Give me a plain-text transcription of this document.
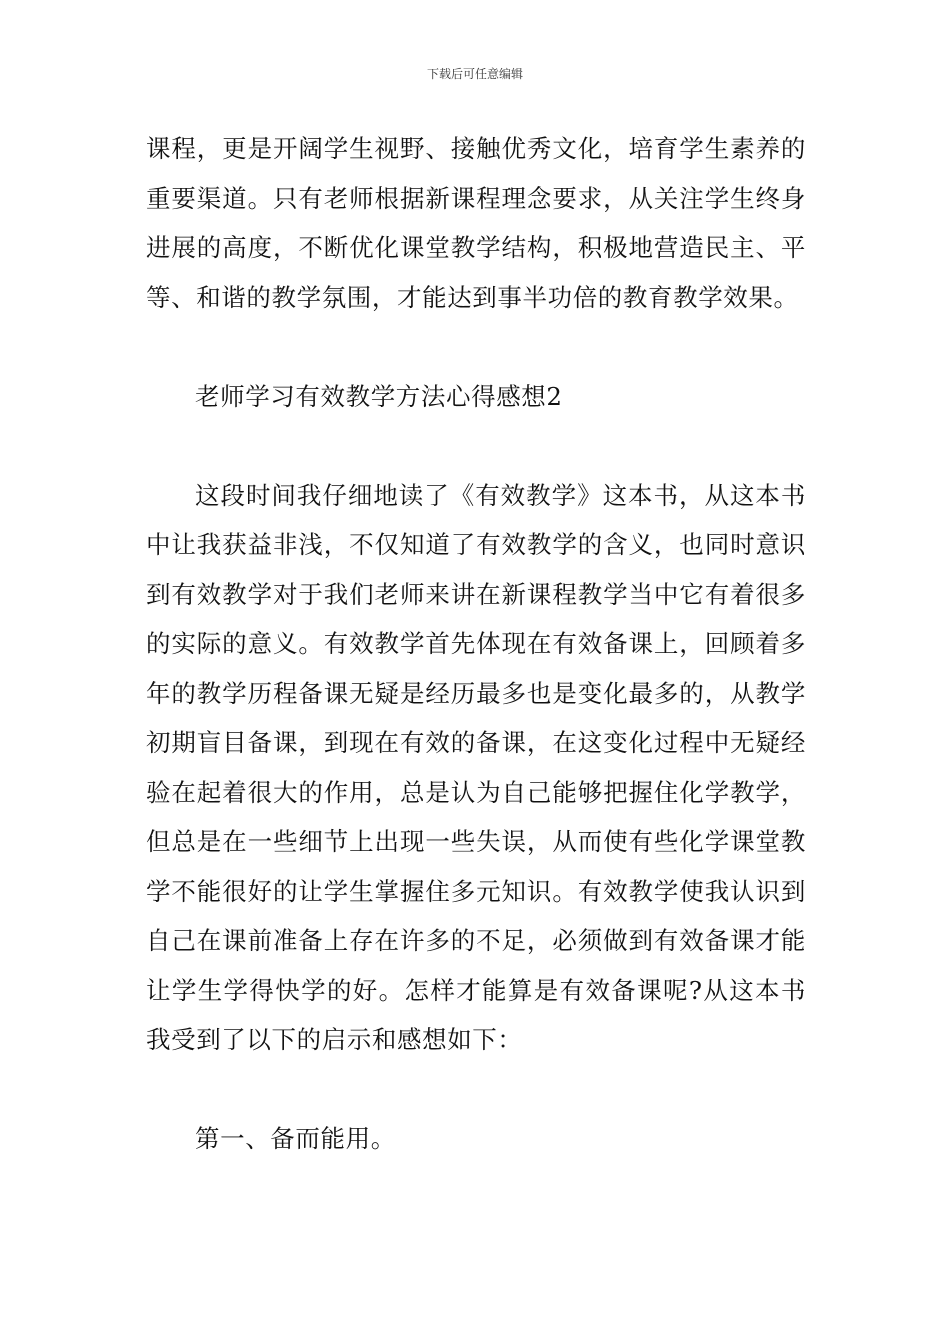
下载后可任意编辑

课程，更是开阔学生视野、接触优秀文化，培育学生素养的重要渠道。只有老师根据新课程理念要求，从关注学生终身进展的高度，不断优化课堂教学结构，积极地营造民主、平等、和谐的教学氛围，才能达到事半功倍的教育教学效果。

老师学习有效教学方法心得感想2

这段时间我仔细地读了《有效教学》这本书，从这本书中让我获益非浅，不仅知道了有效教学的含义，也同时意识到有效教学对于我们老师来讲在新课程教学当中它有着很多的实际的意义。有效教学首先体现在有效备课上，回顾着多年的教学历程备课无疑是经历最多也是变化最多的，从教学初期盲目备课，到现在有效的备课，在这变化过程中无疑经验在起着很大的作用，总是认为自己能够把握住化学教学，但总是在一些细节上出现一些失误，从而使有些化学课堂教学不能很好的让学生掌握住多元知识。有效教学使我认识到自己在课前准备上存在许多的不足，必须做到有效备课才能让学生学得快学的好。怎样才能算是有效备课呢?从这本书我受到了以下的启示和感想如下：

第一、备而能用。
